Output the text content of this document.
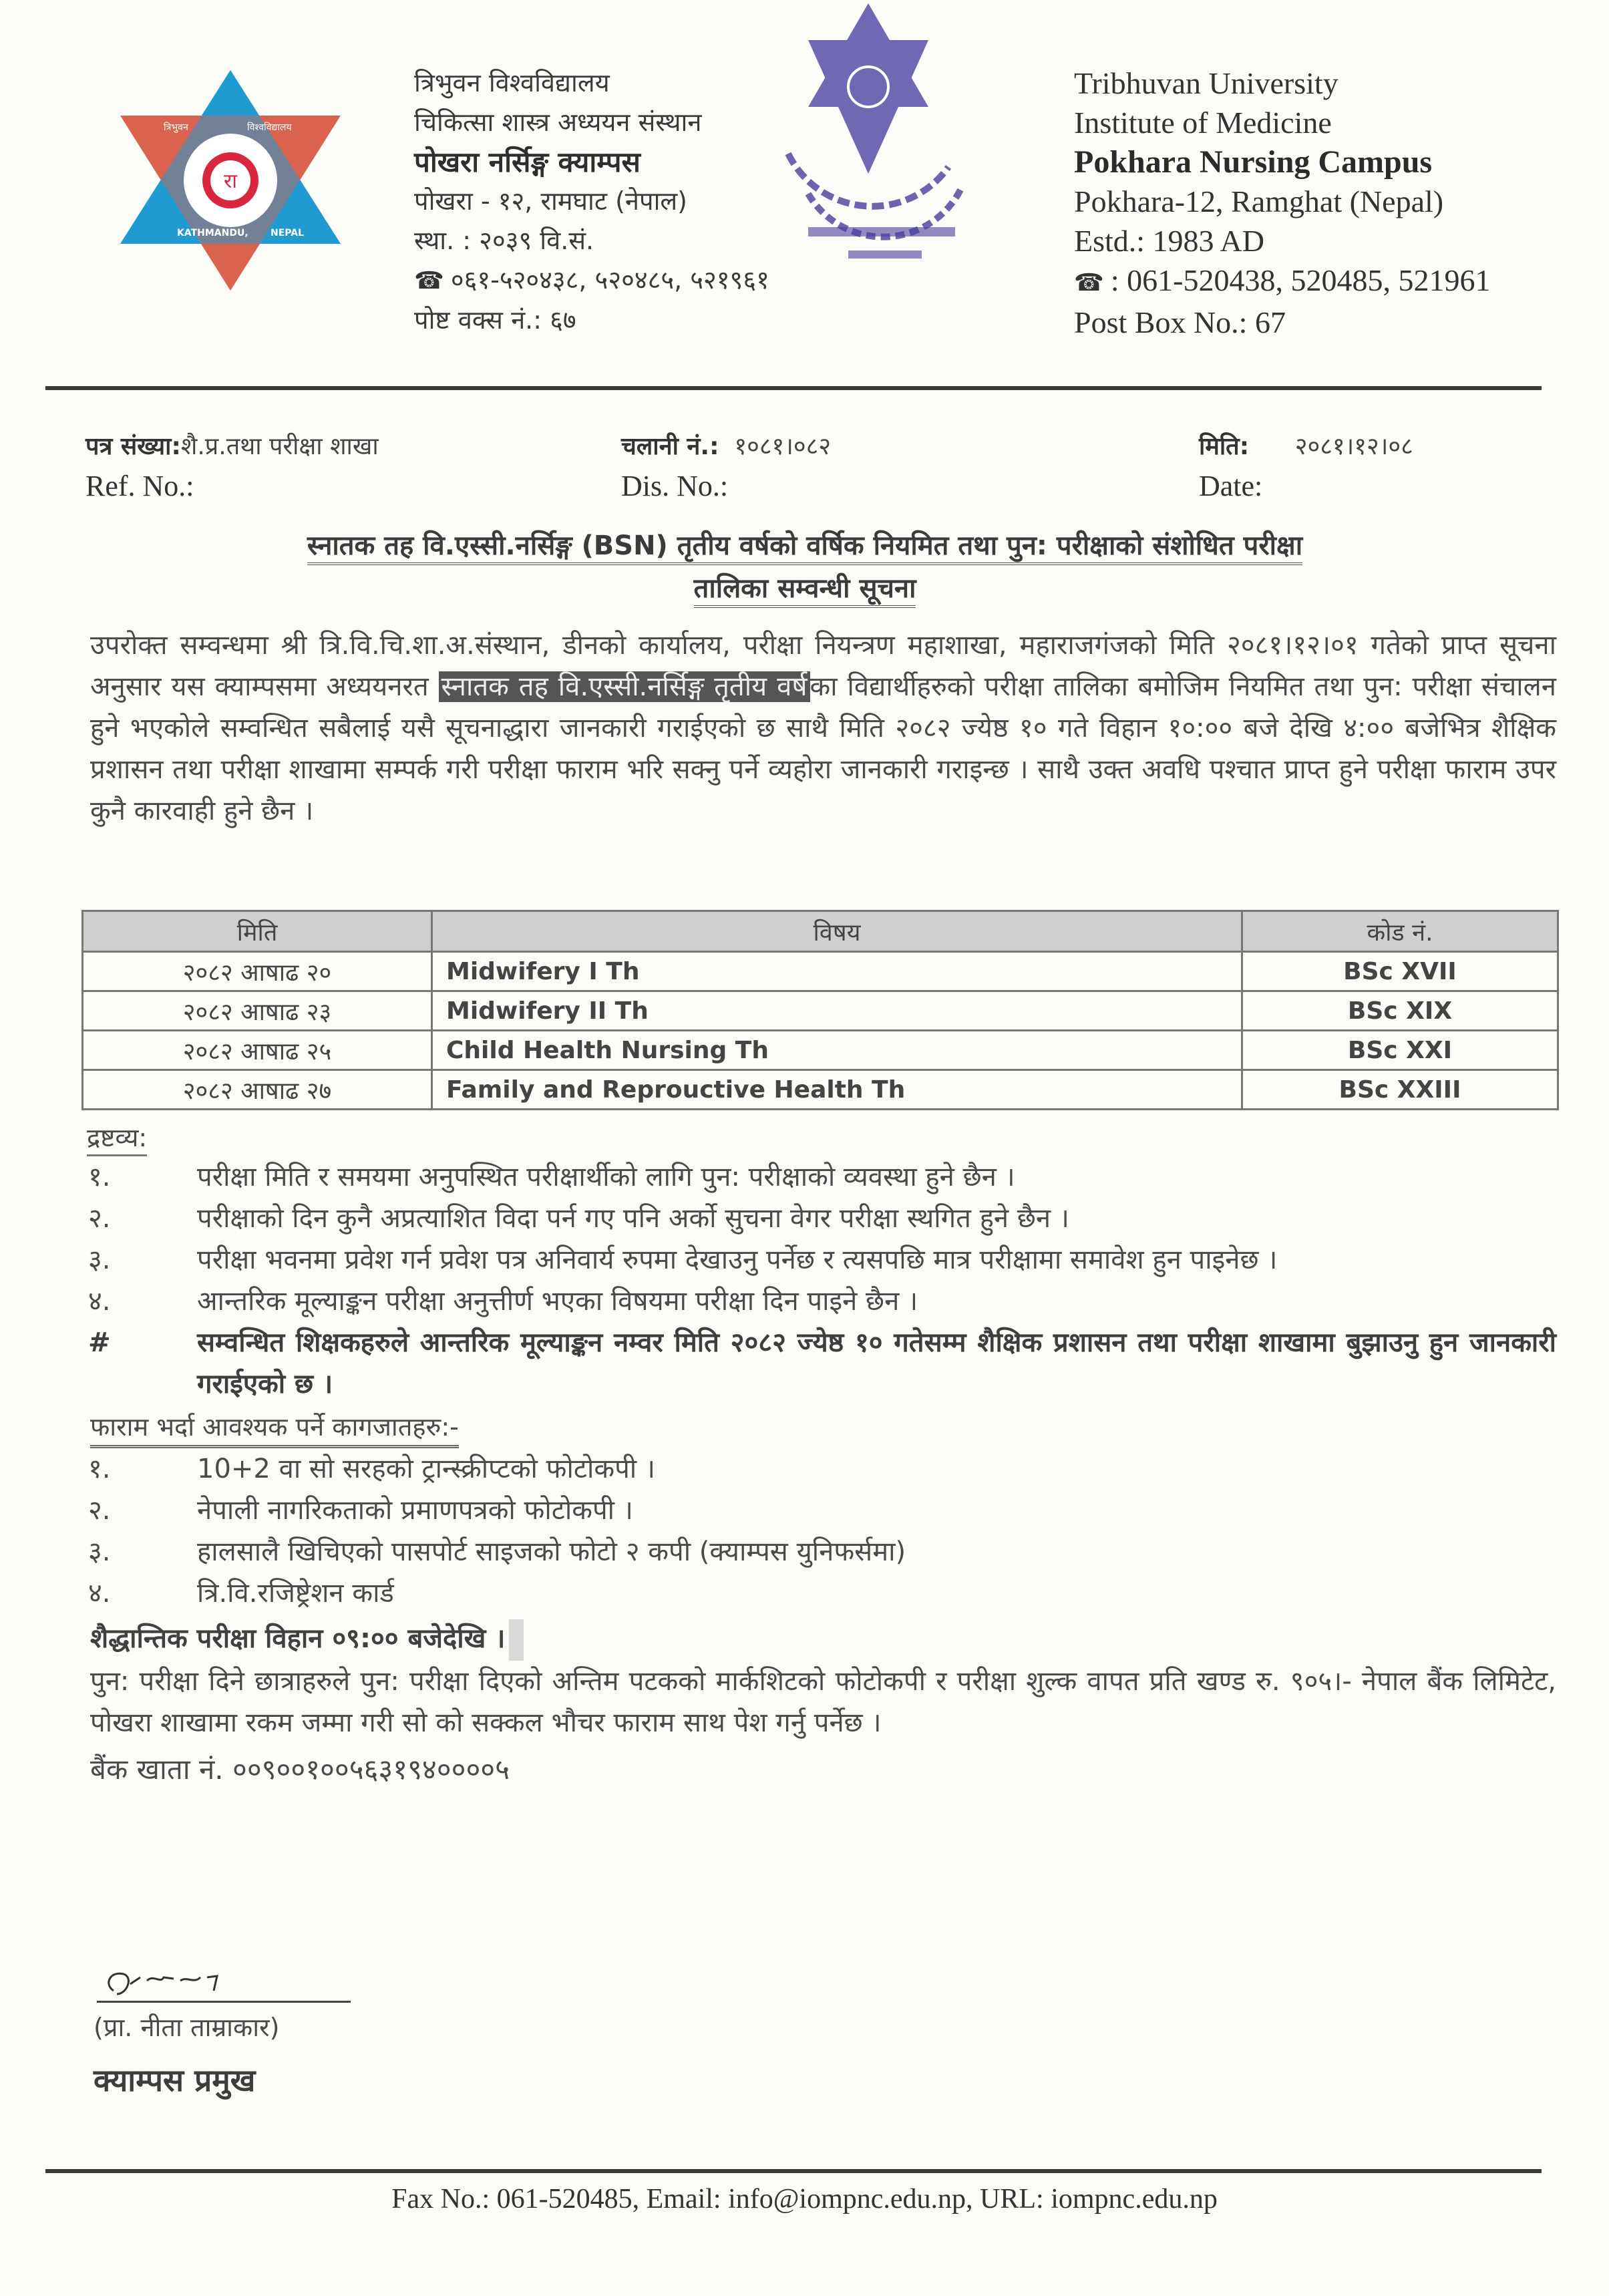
रा
त्रिभुवन	विश्वविद्यालय
KATHMANDU, NEPAL
त्रिभुवन विश्वविद्यालय
चिकित्सा शास्त्र अध्ययन संस्थान
पोखरा नर्सिङ्ग क्याम्पस
पोखरा - १२, रामघाट (नेपाल)
स्था. : २०३९ वि.सं.
☎ ०६१-५२०४३८, ५२०४८५, ५२१९६१
पोष्ट वक्स नं.: ६७
Tribhuvan University
Institute of Medicine
Pokhara Nursing Campus
Pokhara-12, Ramghat (Nepal)
Estd.: 1983 AD
☎ : 061-520438, 520485, 521961
Post Box No.: 67
पत्र संख्या:शै.प्र.तथा परीक्षा शाखा
Ref. No.:
चलानी नं.: १०८१।०८२
Dis. No.:
मिति: २०८१।१२।०८
Date:
स्नातक तह वि.एस्सी.नर्सिङ्ग (BSN) तृतीय वर्षको वर्षिक नियमित तथा पुन: परीक्षाको संशोधित परीक्षा
तालिका सम्वन्धी सूचना
उपरोक्त सम्वन्धमा श्री त्रि.वि.चि.शा.अ.संस्थान, डीनको कार्यालय, परीक्षा नियन्त्रण महाशाखा, महाराजगंजको मिति २०८१।१२।०१ गतेको प्राप्त सूचना अनुसार यस क्याम्पसमा अध्ययनरत स्नातक तह वि.एस्सी.नर्सिङ्ग तृतीय वर्ष का विद्यार्थीहरुको परीक्षा तालिका बमोजिम नियमित तथा पुन: परीक्षा संचालन हुने भएकोले सम्वन्धित सबैलाई यसै सूचनाद्धारा जानकारी गराईएको छ साथै मिति २०८२ ज्येष्ठ १० गते विहान १०:०० बजे देखि ४:०० बजेभित्र शैक्षिक प्रशासन तथा परीक्षा शाखामा सम्पर्क गरी परीक्षा फाराम भरि सक्नु पर्ने व्यहोरा जानकारी गराइन्छ । साथै उक्त अवधि पश्चात प्राप्त हुने परीक्षा फाराम उपर कुनै कारवाही हुने छैन ।
मिति	विषय	कोड नं.
२०८२ आषाढ २०	Midwifery I Th	BSc XVII
२०८२ आषाढ २३	Midwifery II Th	BSc XIX
२०८२ आषाढ २५	Child Health Nursing Th	BSc XXI
२०८२ आषाढ २७	Family and Reprouctive Health Th	BSc XXIII
द्रष्टव्य:
१.	परीक्षा मिति र समयमा अनुपस्थित परीक्षार्थीको लागि पुन: परीक्षाको व्यवस्था हुने छैन ।
२.	परीक्षाको दिन कुनै अप्रत्याशित विदा पर्न गए पनि अर्को सुचना वेगर परीक्षा स्थगित हुने छैन ।
३.	परीक्षा भवनमा प्रवेश गर्न प्रवेश पत्र अनिवार्य रुपमा देखाउनु पर्नेछ र त्यसपछि मात्र परीक्षामा समावेश हुन पाइनेछ ।
४.	आन्तरिक मूल्याङ्कन परीक्षा अनुत्तीर्ण भएका विषयमा परीक्षा दिन पाइने छैन ।
#	सम्वन्धित शिक्षकहरुले आन्तरिक मूल्याङ्कन नम्वर मिति २०८२ ज्येष्ठ १० गतेसम्म शैक्षिक प्रशासन तथा परीक्षा शाखामा बुझाउनु हुन जानकारी गराईएको छ ।
फाराम भर्दा आवश्यक पर्ने कागजातहरु:-
१.	10+2 वा सो सरहको ट्रान्स्क्रीप्टको फोटोकपी ।
२.	नेपाली नागरिकताको प्रमाणपत्रको फोटोकपी ।
३.	हालसालै खिचिएको पासपोर्ट साइजको फोटो २ कपी (क्याम्पस युनिफर्समा)
४.	त्रि.वि.रजिष्ट्रेशन कार्ड
शैद्धान्तिक परीक्षा विहान ०९:०० बजेदेखि ।
पुन: परीक्षा दिने छात्राहरुले पुन: परीक्षा दिएको अन्तिम पटकको मार्कशिटको फोटोकपी र परीक्षा शुल्क वापत प्रति खण्ड रु. ९०५।- नेपाल बैंक लिमिटेट, पोखरा शाखामा रकम जम्मा गरी सो को सक्कल भौचर फाराम साथ पेश गर्नु पर्नेछ ।
बैंक खाता नं. ००९००१००५६३१९४००००५
(प्रा. नीता ताम्राकार)
क्याम्पस प्रमुख
Fax No.: 061-520485, Email: info@iompnc.edu.np, URL: iompnc.edu.np
